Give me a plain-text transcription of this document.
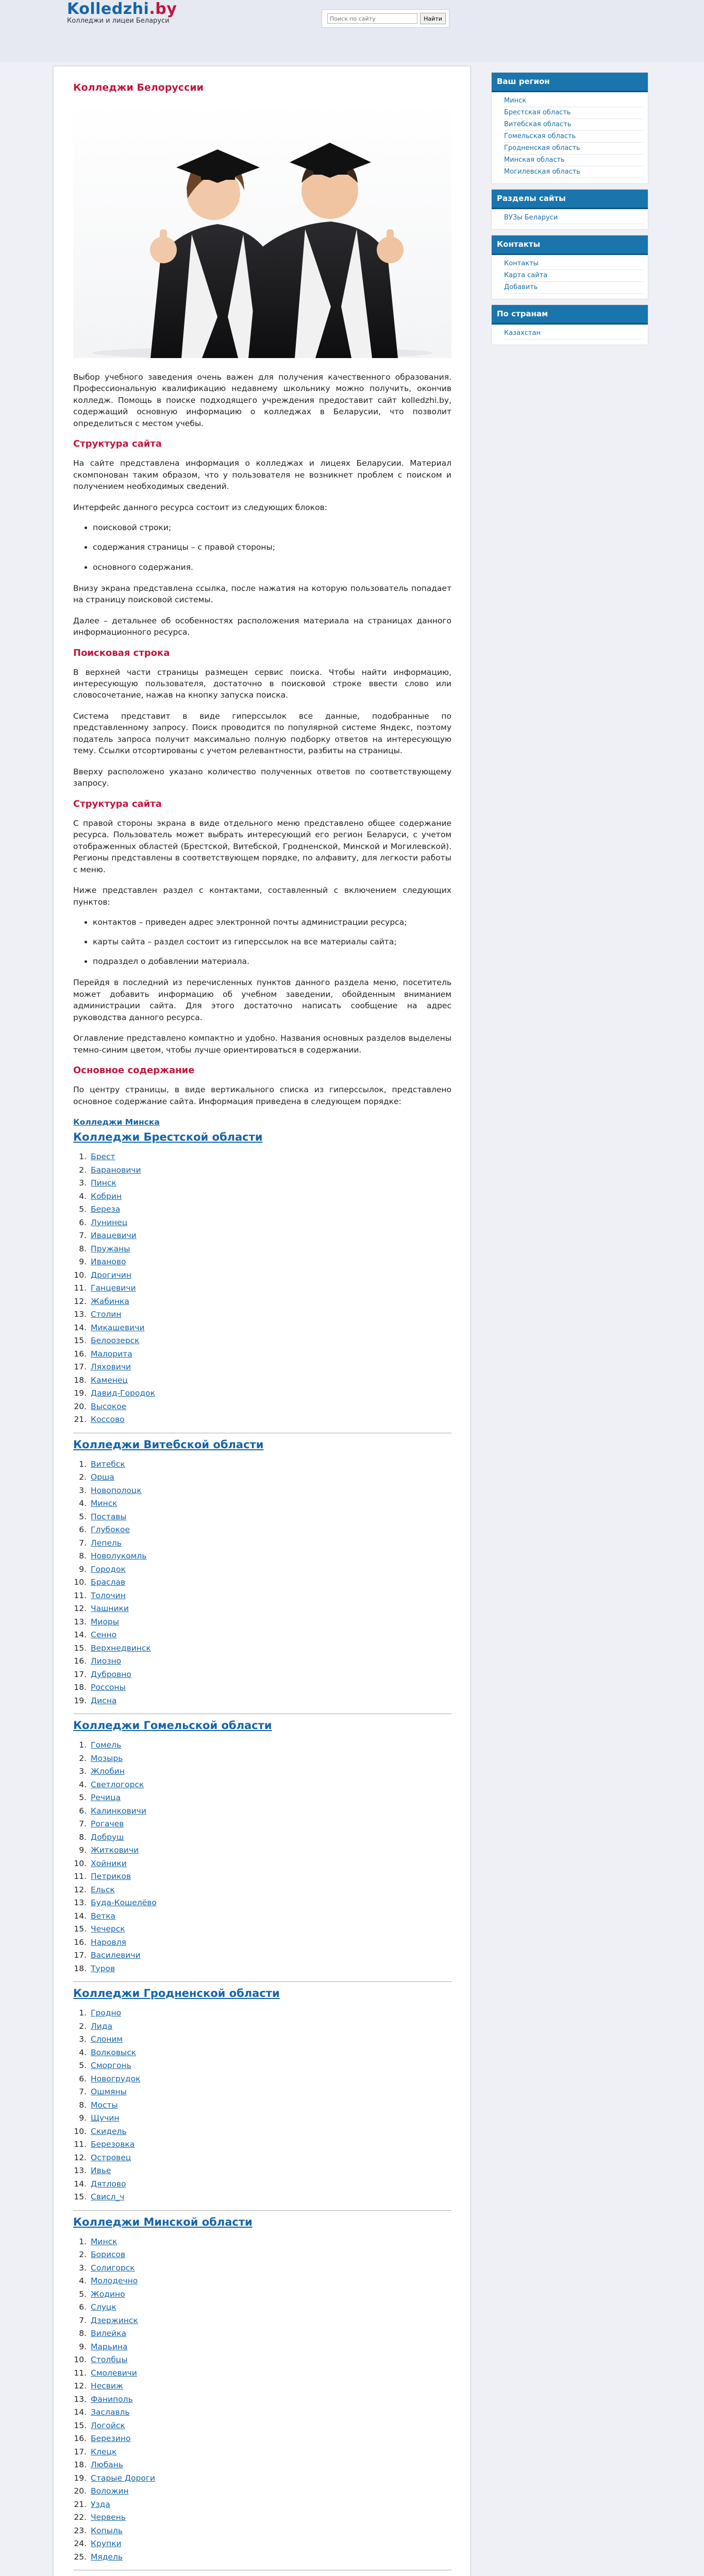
Kolledzhi.by
Колледжи и лицеи Беларуси
Поиск по сайту	Найти
Колледжи Белоруссии

Выбор учебного заведения очень важен для получения качественного образования. Профессиональную квалификацию недавнему школьнику можно получить, окончив колледж. Помощь в поиске подходящего учреждения предоставит сайт kolledzhi.by, содержащий основную информацию о колледжах в Беларусии, что позволит определиться с местом учебы.

Структура сайта

На сайте представлена информация о колледжах и лицеях Беларусии. Материал скомпонован таким образом, что у пользователя не возникнет проблем с поиском и получением необходимых сведений.

Интерфейс данного ресурса состоит из следующих блоков:

• поисковой строки;
• содержания страницы – с правой стороны;
• основного содержания.

Внизу экрана представлена ссылка, после нажатия на которую пользователь попадает на страницу поисковой системы.

Далее – детальнее об особенностях расположения материала на страницах данного информационного ресурса.

Поисковая строка

В верхней части страницы размещен сервис поиска. Чтобы найти информацию, интересующую пользователя, достаточно в поисковой строке ввести слово или словосочетание, нажав на кнопку запуска поиска.

Система представит в виде гиперссылок все данные, подобранные по представленному запросу. Поиск проводится по популярной системе Яндекс, поэтому податель запроса получит максимально полную подборку ответов на интересующую тему. Ссылки отсортированы с учетом релевантности, разбиты на страницы.

Вверху расположено указано количество полученных ответов по соответствующему запросу.

Структура сайта

С правой стороны экрана в виде отдельного меню представлено общее содержание ресурса. Пользователь может выбрать интересующий его регион Беларуси, с учетом отображенных областей (Брестской, Витебской, Гродненской, Минской и Могилевской). Регионы представлены в соответствующем порядке, по алфавиту, для легкости работы с меню.

Ниже представлен раздел с контактами, составленный с включением следующих пунктов:

• контактов – приведен адрес электронной почты администрации ресурса;
• карты сайта – раздел состоит из гиперссылок на все материалы сайта;
• подраздел о добавлении материала.

Перейдя в последний из перечисленных пунктов данного раздела меню, посетитель может добавить информацию об учебном заведении, обойденным вниманием администрации сайта. Для этого достаточно написать сообщение на адрес руководства данного ресурса.

Оглавление представлено компактно и удобно. Названия основных разделов выделены темно-синим цветом, чтобы лучше ориентироваться в содержании.

Основное содержание

По центру страницы, в виде вертикального списка из гиперссылок, представлено основное содержание сайта. Информация приведена в следующем порядке:

Колледжи Минска
Колледжи Брестской области
1. Брест
2. Барановичи
3. Пинск
4. Кобрин
5. Береза
6. Лунинец
7. Ивацевичи
8. Пружаны
9. Иваново
10. Дрогичин
11. Ганцевичи
12. Жабинка
13. Столин
14. Микашевичи
15. Белоозерск
16. Малорита
17. Ляховичи
18. Каменец
19. Давид-Городок
20. Высокое
21. Коссово
Колледжи Витебской области
1. Витебск
2. Орша
3. Новополоцк
4. Минск
5. Поставы
6. Глубокое
7. Лепель
8. Новолукомль
9. Городок
10. Браслав
11. Толочин
12. Чашники
13. Миоры
14. Сенно
15. Верхнедвинск
16. Лиозно
17. Дубровно
18. Россоны
19. Дисна
Колледжи Гомельской области
1. Гомель
2. Мозырь
3. Жлобин
4. Светлогорск
5. Речица
6. Калинковичи
7. Рогачев
8. Добруш
9. Житковичи
10. Хойники
11. Петриков
12. Ельск
13. Буда-Кошелёво
14. Ветка
15. Чечерск
16. Наровля
17. Василевичи
18. Туров
Колледжи Гродненской области
1. Гродно
2. Лида
3. Слоним
4. Волковыск
5. Сморгонь
6. Новогрудок
7. Ошмяны
8. Мосты
9. Щучин
10. Скидель
11. Березовка
12. Островец
13. Ивье
14. Дятлово
15. Свисл_ч
Колледжи Минской области
1. Минск
2. Борисов
3. Солигорск
4. Молодечно
5. Жодино
6. Слуцк
7. Дзержинск
8. Вилейка
9. Марьина
10. Столбцы
11. Смолевичи
12. Несвиж
13. Фаниполь
14. Заславль
15. Логойск
16. Березино
17. Клецк
18. Любань
19. Старые Дороги
20. Воложин
21. Узда
22. Червень
23. Копыль
24. Крупки
25. Мядель
Ваш регион
Минск
Брестская область
Витебская область
Гомельская область
Гродненская область
Минская область
Могилевская область
Разделы сайты
ВУЗы Беларуси
Контакты
Контакты
Карта сайта
Добавить
По странам
Казахстан
